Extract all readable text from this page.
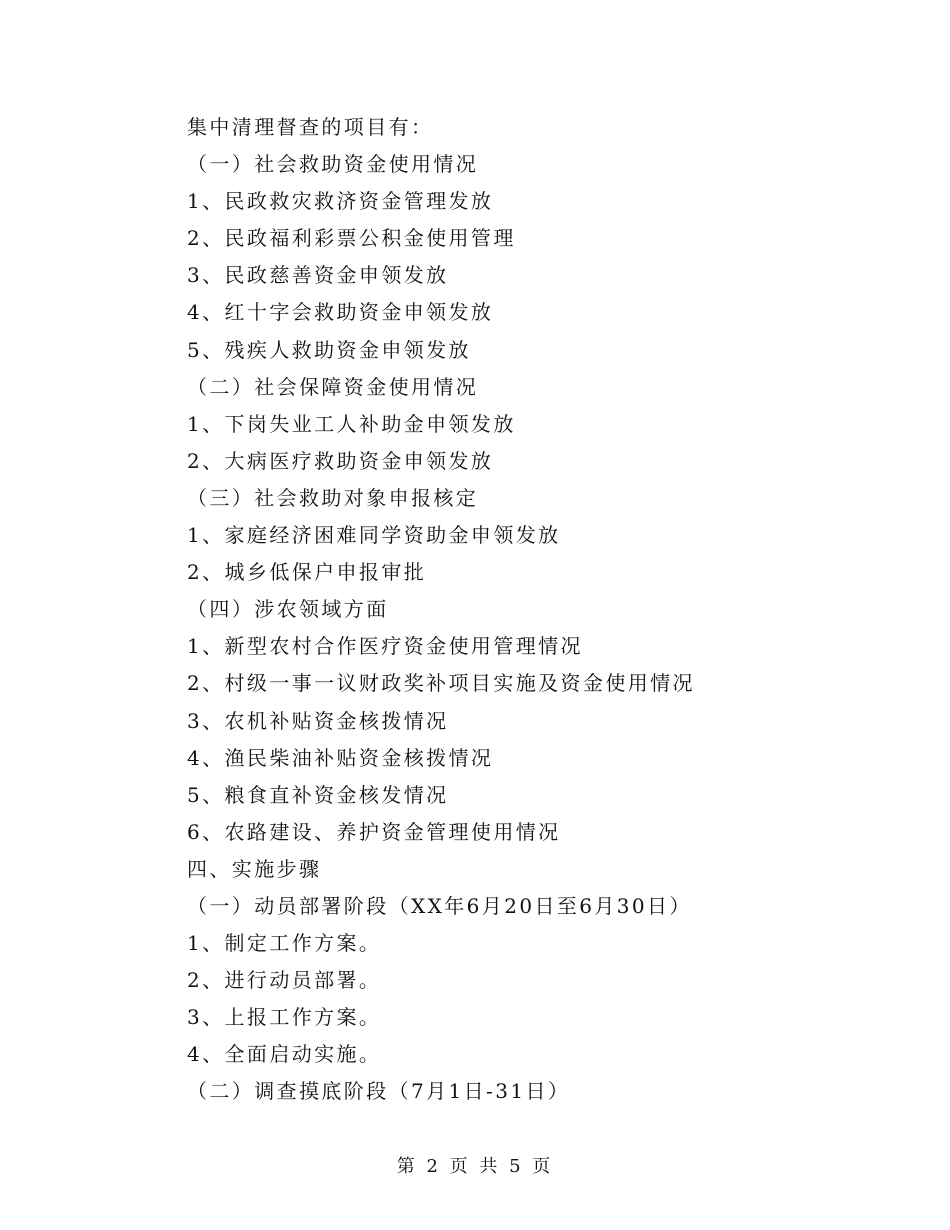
集中清理督查的项目有：
（一）社会救助资金使用情况
1、民政救灾救济资金管理发放
2、民政福利彩票公积金使用管理
3、民政慈善资金申领发放
4、红十字会救助资金申领发放
5、残疾人救助资金申领发放
（二）社会保障资金使用情况
1、下岗失业工人补助金申领发放
2、大病医疗救助资金申领发放
（三）社会救助对象申报核定
1、家庭经济困难同学资助金申领发放
2、城乡低保户申报审批
（四）涉农领域方面
1、新型农村合作医疗资金使用管理情况
2、村级一事一议财政奖补项目实施及资金使用情况
3、农机补贴资金核拨情况
4、渔民柴油补贴资金核拨情况
5、粮食直补资金核发情况
6、农路建设、养护资金管理使用情况
四、实施步骤
（一）动员部署阶段（XX年6月20日至6月30日）
1、制定工作方案。
2、进行动员部署。
3、上报工作方案。
4、全面启动实施。
（二）调查摸底阶段（7月1日-31日）
第 2 页 共 5 页
